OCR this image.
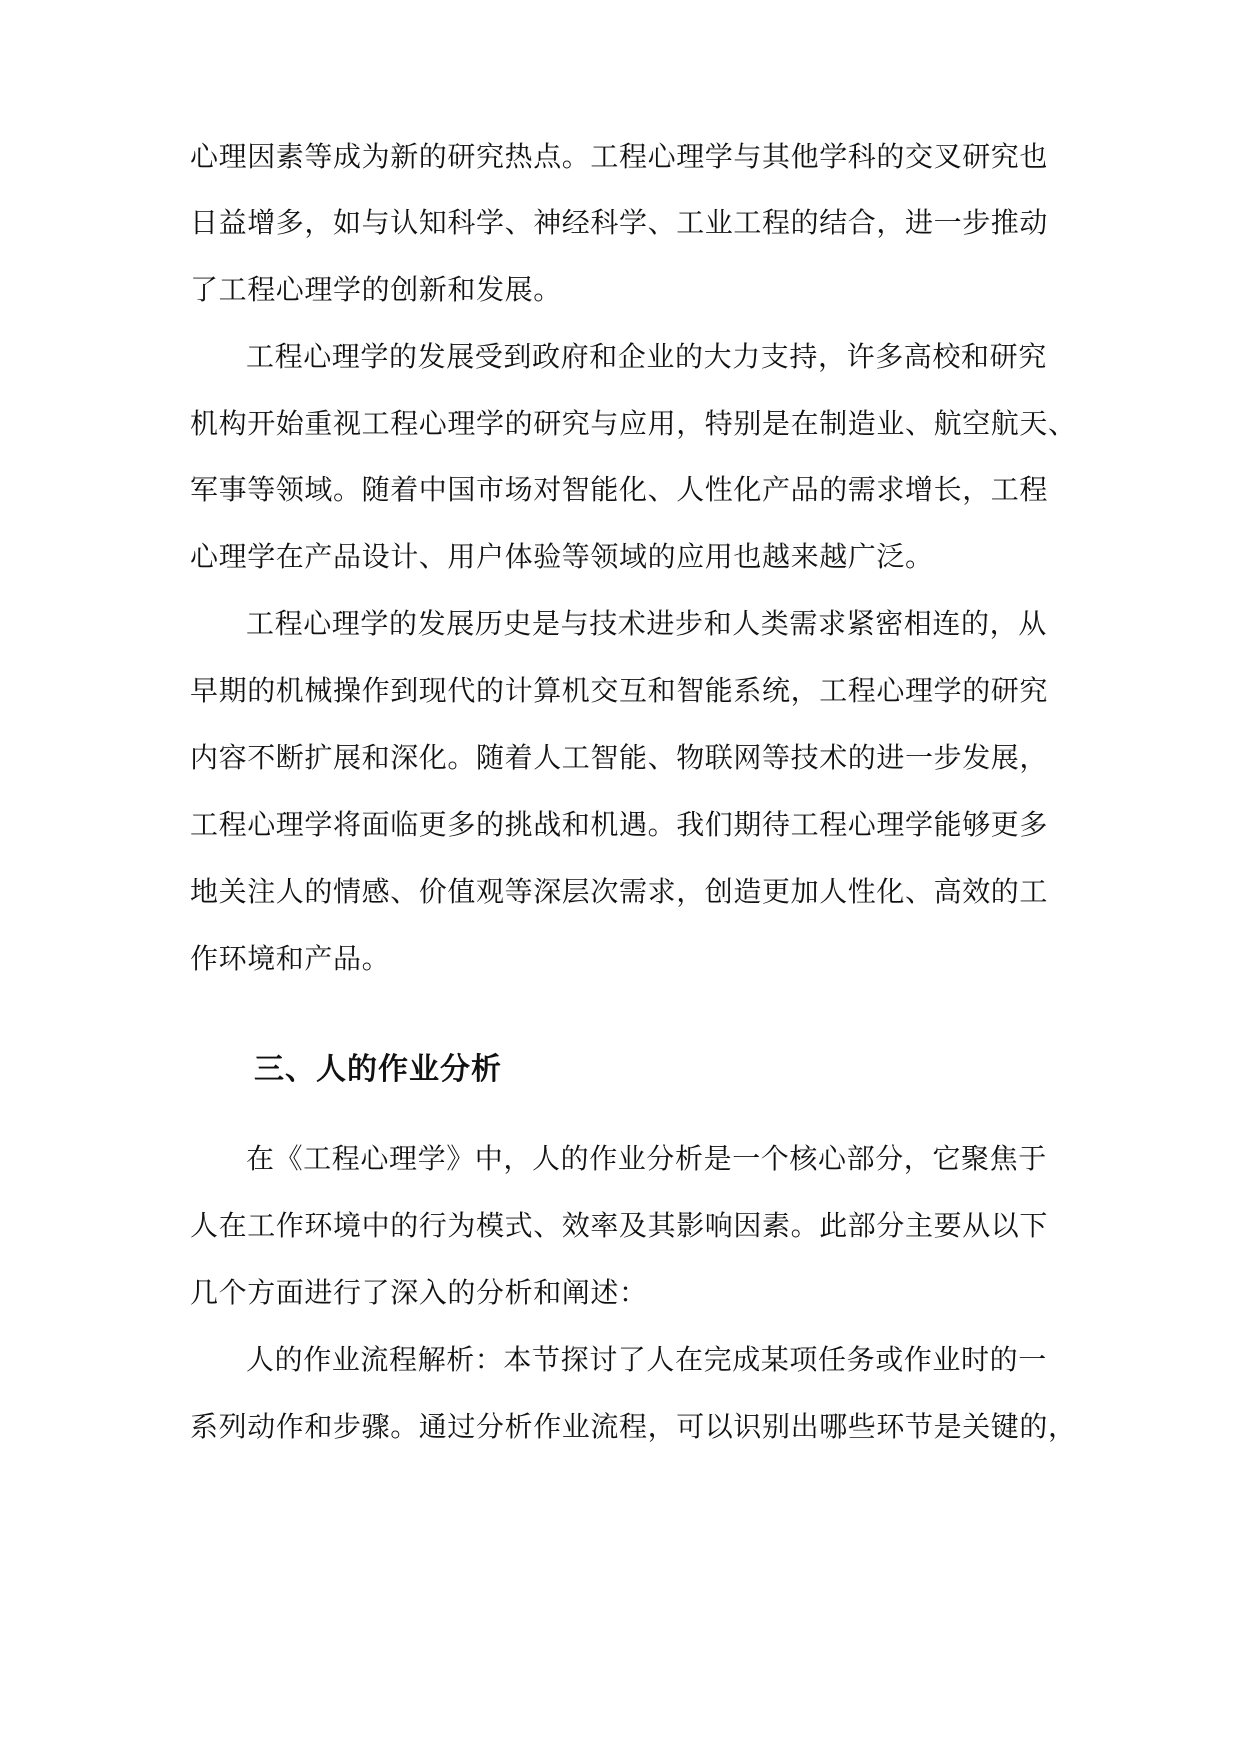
心理因素等成为新的研究热点。工程心理学与其他学科的交叉研究也
日益增多，如与认知科学、神经科学、工业工程的结合，进一步推动
了工程心理学的创新和发展。
工程心理学的发展受到政府和企业的大力支持，许多高校和研究
机构开始重视工程心理学的研究与应用，特别是在制造业、航空航天、
军事等领域。随着中国市场对智能化、人性化产品的需求增长，工程
心理学在产品设计、用户体验等领域的应用也越来越广泛。
工程心理学的发展历史是与技术进步和人类需求紧密相连的，从
早期的机械操作到现代的计算机交互和智能系统，工程心理学的研究
内容不断扩展和深化。随着人工智能、物联网等技术的进一步发展，
工程心理学将面临更多的挑战和机遇。我们期待工程心理学能够更多
地关注人的情感、价值观等深层次需求，创造更加人性化、高效的工
作环境和产品。
三、人的作业分析
在《工程心理学》中，人的作业分析是一个核心部分，它聚焦于
人在工作环境中的行为模式、效率及其影响因素。此部分主要从以下
几个方面进行了深入的分析和阐述：
人的作业流程解析：本节探讨了人在完成某项任务或作业时的一
系列动作和步骤。通过分析作业流程，可以识别出哪些环节是关键的，
